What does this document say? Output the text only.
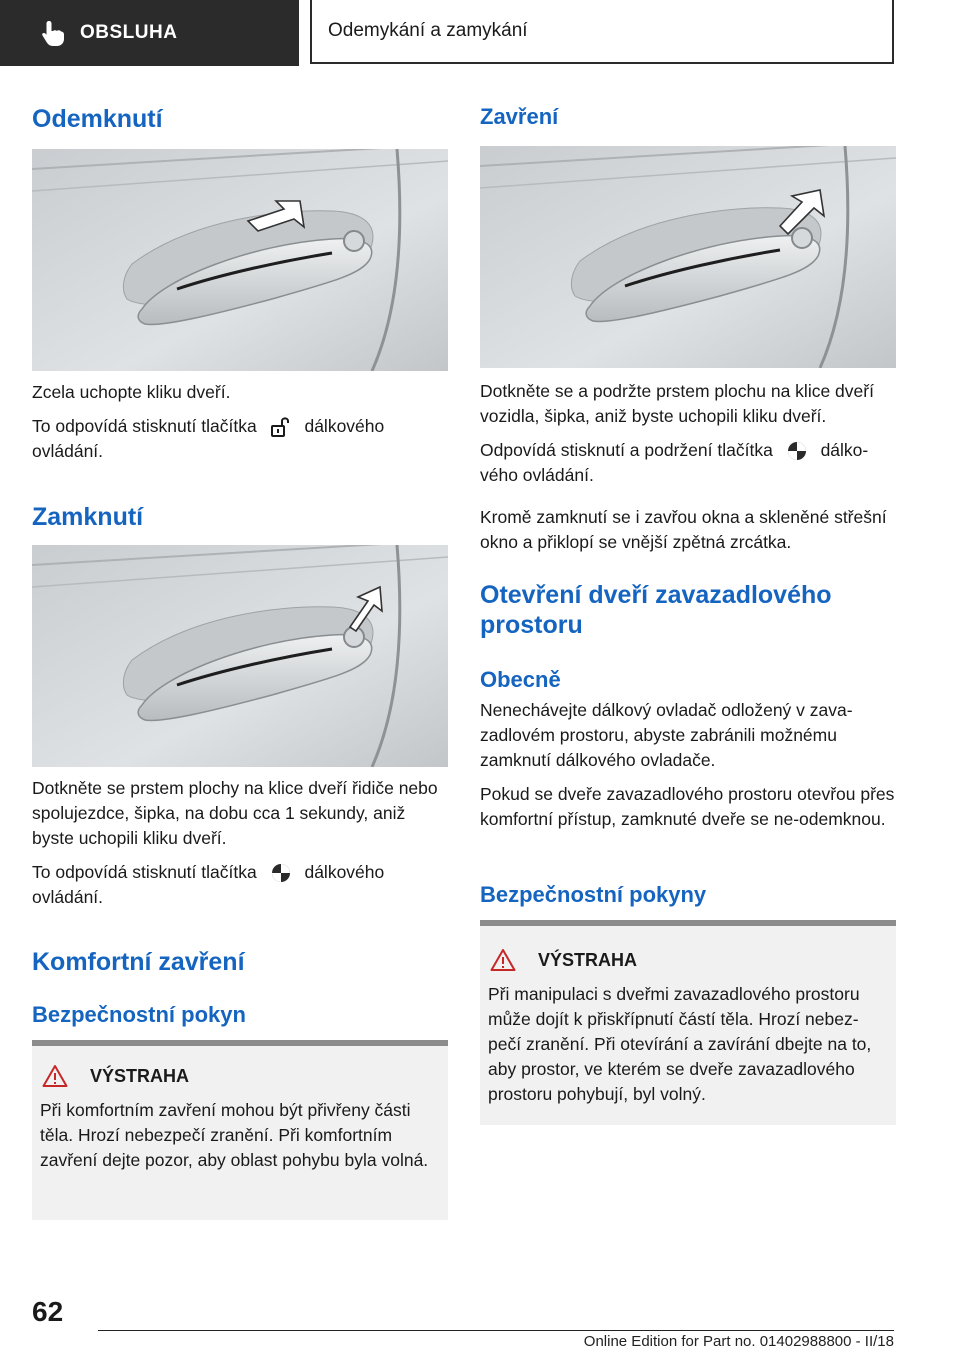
OBSLUHA	Odemykání a zamykání
Odemknutí
Zcela uchopte kliku dveří.
To odpovídá stisknutí tlačítka	dálkového ovládání.
Zamknutí
Dotkněte se prstem plochy na klice dveří řidiče nebo spolujezdce, šipka, na dobu cca 1 sekundy, aniž byste uchopili kliku dveří.
To odpovídá stisknutí tlačítka	dálkového ovládání.
Komfortní zavření
Bezpečnostní pokyn
VÝSTRAHA
Při komfortním zavření mohou být přivřeny části těla. Hrozí nebezpečí zranění. Při komfortním zavření dejte pozor, aby oblast pohybu byla volná.
Zavření
Dotkněte se a podržte prstem plochu na klice dveří vozidla, šipka, aniž byste uchopili kliku dveří.
Odpovídá stisknutí a podržení tlačítka	dálko-vého ovládání.
Kromě zamknutí se i zavřou okna a skleněné střešní okno a přiklopí se vnější zpětná zrcátka.
Otevření dveří zavazadlového prostoru
Obecně
Nenechávejte dálkový ovladač odložený v zava-zadlovém prostoru, abyste zabránili možnému zamknutí dálkového ovladače.
Pokud se dveře zavazadlového prostoru otevřou přes komfortní přístup, zamknuté dveře se ne-odemknou.
Bezpečnostní pokyny
VÝSTRAHA
Při manipulaci s dveřmi zavazadlového prostoru může dojít k přiskřípnutí částí těla. Hrozí nebez-pečí zranění. Při otevírání a zavírání dbejte na to, aby prostor, ve kterém se dveře zavazadlového prostoru pohybují, byl volný.
62
Online Edition for Part no. 01402988800 - II/18
